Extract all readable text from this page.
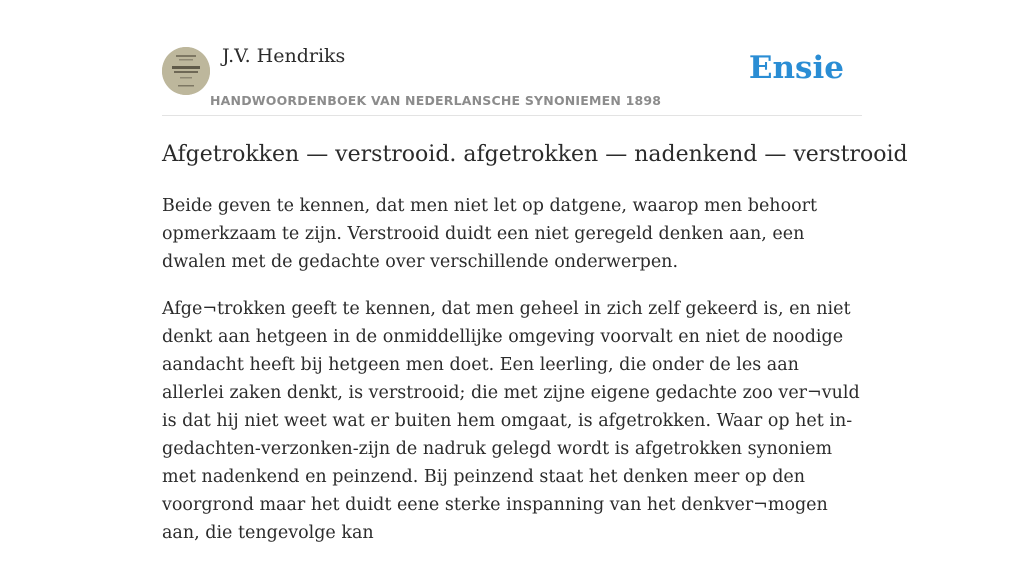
J.V. Hendriks
HANDWOORDENBOEK VAN NEDERLANSCHE SYNONIEMEN 1898
Ensie
Afgetrokken — verstrooid. afgetrokken — nadenkend — verstrooid

Beide geven te kennen, dat men niet let op datgene, waarop men behoort opmerkzaam te zijn. Verstrooid duidt een niet geregeld denken aan, een dwalen met de gedachte over verschillende onderwerpen.

Afge¬trokken geeft te kennen, dat men geheel in zich zelf gekeerd is, en niet denkt aan hetgeen in de onmiddellijke omgeving voorvalt en niet de noodige aandacht heeft bij hetgeen men doet. Een leerling, die onder de les aan allerlei zaken denkt, is verstrooid; die met zijne eigene gedachte zoo ver¬vuld is dat hij niet weet wat er buiten hem omgaat, is afgetrokken. Waar op het in-gedachten-verzonken-zijn de nadruk gelegd wordt is afgetrokken synoniem met nadenkend en peinzend. Bij peinzend staat het denken meer op den voorgrond maar het duidt eene sterke inspanning van het denkver¬mogen aan, die tengevolge kan
